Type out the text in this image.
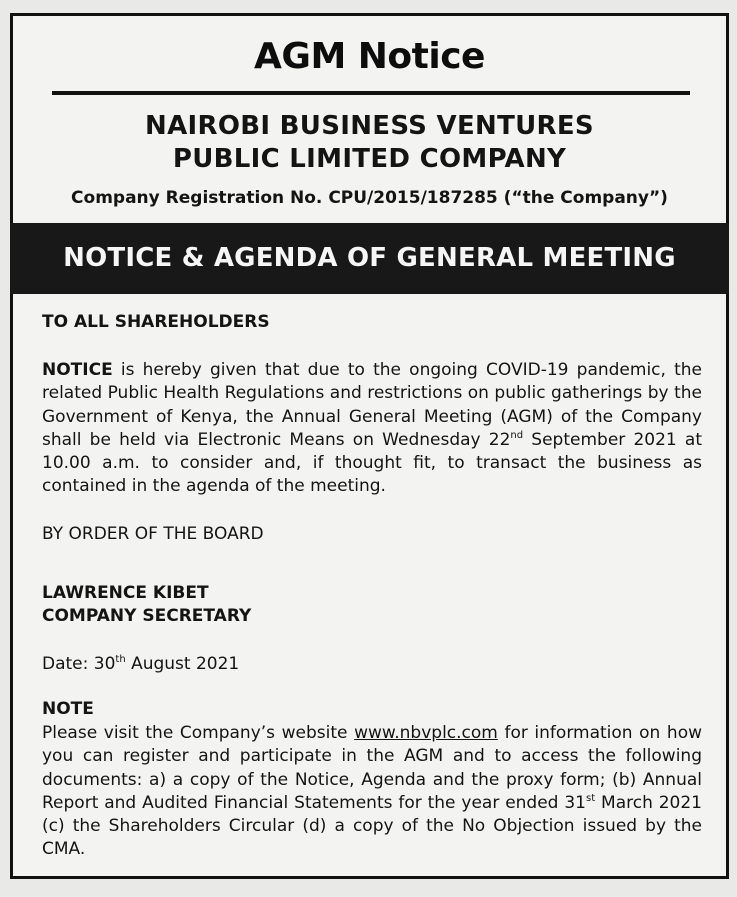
AGM Notice
NAIROBI BUSINESS VENTURES
PUBLIC LIMITED COMPANY
Company Registration No. CPU/2015/187285 (“the Company”)
NOTICE & AGENDA OF GENERAL MEETING
TO ALL SHAREHOLDERS
NOTICE is hereby given that due to the ongoing COVID-19 pandemic, the related Public Health Regulations and restrictions on public gatherings by the Government of Kenya, the Annual General Meeting (AGM) of the Company shall be held via Electronic Means on Wednesday 22nd September 2021 at 10.00 a.m. to consider and, if thought fit, to transact the business as contained in the agenda of the meeting.
BY ORDER OF THE BOARD
LAWRENCE KIBET
COMPANY SECRETARY
Date: 30th August 2021
NOTE
Please visit the Company’s website www.nbvplc.com for information on how you can register and participate in the AGM and to access the following documents: a) a copy of the Notice, Agenda and the proxy form; (b) Annual Report and Audited Financial Statements for the year ended 31st March 2021 (c) the Shareholders Circular (d) a copy of the No Objection issued by the CMA.
